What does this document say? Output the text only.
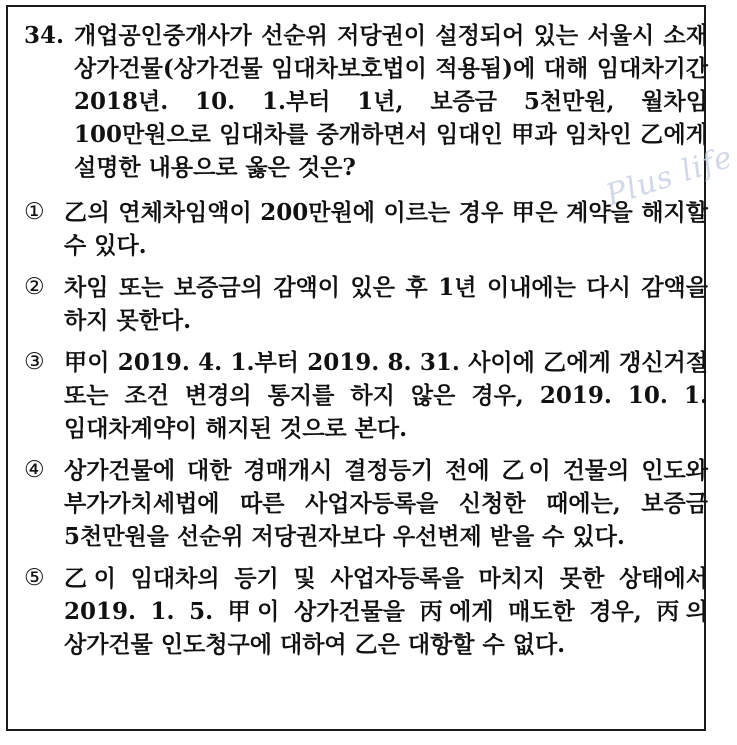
Plus life
34. 개업공인중개사가 선순위 저당권이 설정되어 있는 서울시 소재 상가건물(상가건물 임대차보호법이 적용됨)에 대해 임대차기간 2018년. 10. 1.부터 1년, 보증금 5천만원, 월차임 100만원으로 임대차를 중개하면서 임대인 甲과 임차인 乙에게 설명한 내용으로 옳은 것은?
① 乙의 연체차임액이 200만원에 이르는 경우 甲은 계약을 해지할 수 있다.
② 차임 또는 보증금의 감액이 있은 후 1년 이내에는 다시 감액을 하지 못한다.
③ 甲이 2019. 4. 1.부터 2019. 8. 31. 사이에 乙에게 갱신거절 또는 조건 변경의 통지를 하지 않은 경우, 2019. 10. 1. 임대차계약이 해지된 것으로 본다.
④ 상가건물에 대한 경매개시 결정등기 전에 乙이 건물의 인도와 부가가치세법에 따른 사업자등록을 신청한 때에는, 보증금 5천만원을 선순위 저당권자보다 우선변제 받을 수 있다.
⑤ 乙이 임대차의 등기 및 사업자등록을 마치지 못한 상태에서 2019. 1. 5. 甲이 상가건물을 丙에게 매도한 경우, 丙의 상가건물 인도청구에 대하여 乙은 대항할 수 없다.
